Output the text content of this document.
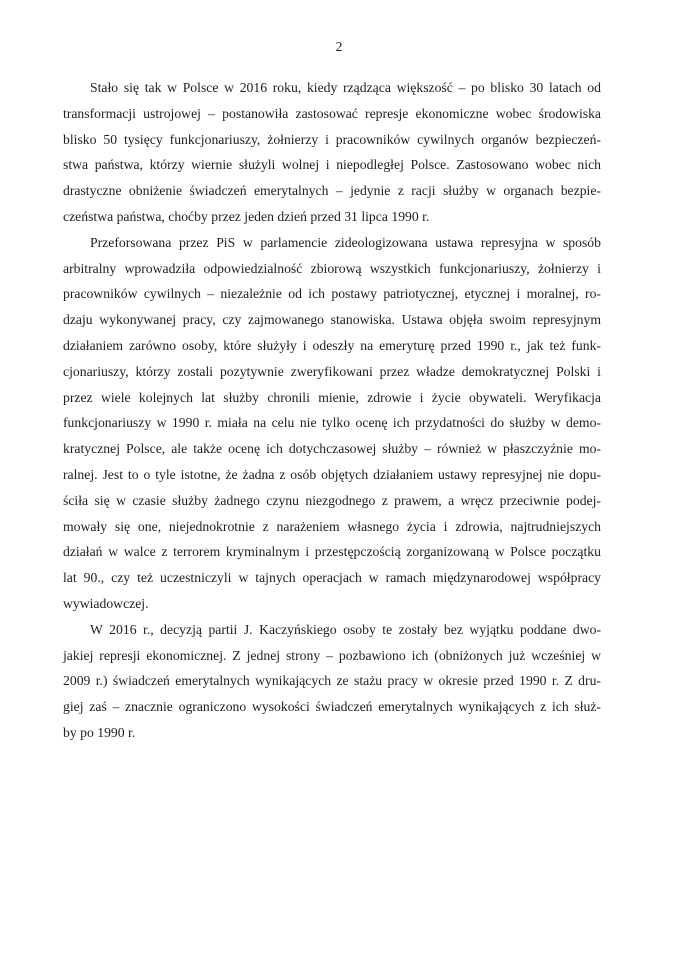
2
Stało się tak w Polsce w 2016 roku, kiedy rządząca większość – po blisko 30 latach od
transformacji ustrojowej – postanowiła zastosować represje ekonomiczne wobec środowiska
blisko 50 tysięcy funkcjonariuszy, żołnierzy i pracowników cywilnych organów bezpieczeń-
stwa państwa, którzy wiernie służyli wolnej i niepodległej Polsce. Zastosowano wobec nich
drastyczne obniżenie świadczeń emerytalnych – jedynie z racji służby w organach bezpie-
czeństwa państwa, choćby przez jeden dzień przed 31 lipca 1990 r.
Przeforsowana przez PiS w parlamencie zideologizowana ustawa represyjna w sposób
arbitralny wprowadziła odpowiedzialność zbiorową wszystkich funkcjonariuszy, żołnierzy i
pracowników cywilnych – niezależnie od ich postawy patriotycznej, etycznej i moralnej, ro-
dzaju wykonywanej pracy, czy zajmowanego stanowiska. Ustawa objęła swoim represyjnym
działaniem zarówno osoby, które służyły i odeszły na emeryturę przed 1990 r., jak też funk-
cjonariuszy, którzy zostali pozytywnie zweryfikowani przez władze demokratycznej Polski i
przez wiele kolejnych lat służby chronili mienie, zdrowie i życie obywateli. Weryfikacja
funkcjonariuszy w 1990 r. miała na celu nie tylko ocenę ich przydatności do służby w demo-
kratycznej Polsce, ale także ocenę ich dotychczasowej służby – również w płaszczyźnie mo-
ralnej. Jest to o tyle istotne, że żadna z osób objętych działaniem ustawy represyjnej nie dopu-
ściła się w czasie służby żadnego czynu niezgodnego z prawem, a wręcz przeciwnie podej-
mowały się one, niejednokrotnie z narażeniem własnego życia i zdrowia, najtrudniejszych
działań w walce z terrorem kryminalnym i przestępczością zorganizowaną w Polsce początku
lat 90., czy też uczestniczyli w tajnych operacjach w ramach międzynarodowej współpracy
wywiadowczej.
W 2016 r., decyzją partii J. Kaczyńskiego osoby te zostały bez wyjątku poddane dwo-
jakiej represji ekonomicznej. Z jednej strony – pozbawiono ich (obniżonych już wcześniej w
2009 r.) świadczeń emerytalnych wynikających ze stażu pracy w okresie przed 1990 r. Z dru-
giej zaś – znacznie ograniczono wysokości świadczeń emerytalnych wynikających z ich służ-
by po 1990 r.
